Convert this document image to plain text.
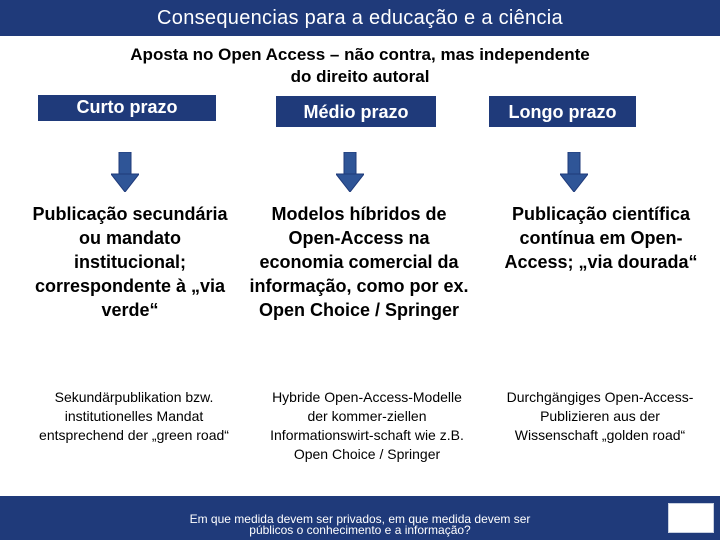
Consequencias para a educação e a ciência
Aposta no Open Access – não contra, mas independente do direito autoral
Curto prazo	Médio prazo	Longo prazo
Publicação secundária ou mandato institucional; correspondente à „via verde“
Modelos híbridos de Open-Access na economia comercial da informação, como por ex. Open Choice / Springer
Publicação científica contínua em Open-Access; „via dourada“
Sekundärpublikation bzw. institutionelles Mandat entsprechend der „green road“
Hybride Open-Access-Modelle der kommer-ziellen Informationswirt-schaft wie z.B. Open Choice / Springer
Durchgängiges Open-Access-Publizieren aus der Wissenschaft „golden road“
Em que medida devem ser privados, em que medida devem ser
públicos o conhecimento e a informação?
